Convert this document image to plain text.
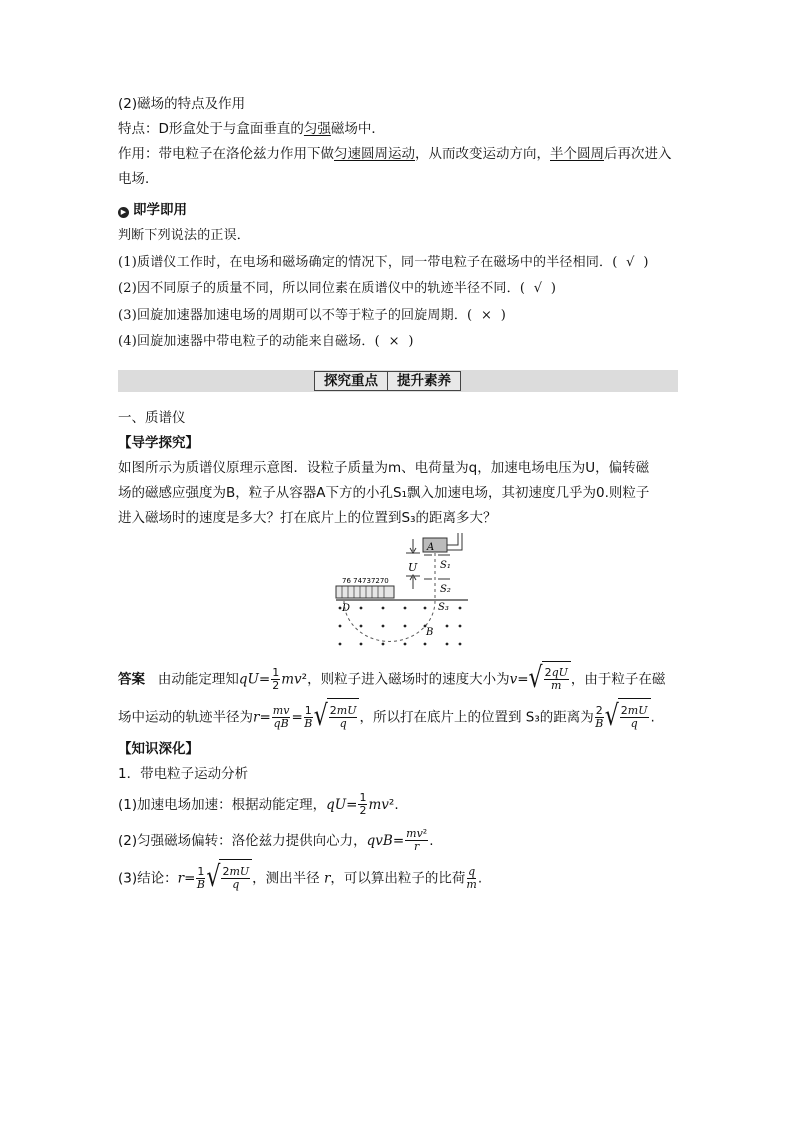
(2)磁场的特点及作用
特点：D形盒处于与盒面垂直的匀强磁场中．
作用：带电粒子在洛伦兹力作用下做匀速圆周运动，从而改变运动方向，半个圆周后再次进入电场．
▶ 即学即用
判断下列说法的正误．
(1)质谱仪工作时，在电场和磁场确定的情况下，同一带电粒子在磁场中的半径相同．( √ )
(2)因不同原子的质量不同，所以同位素在质谱仪中的轨迹半径不同．( √ )
(3)回旋加速器加速电场的周期可以不等于粒子的回旋周期．( × )
(4)回旋加速器中带电粒子的动能来自磁场．( × )
探究重点	提升素养
一、质谱仪
【导学探究】
如图所示为质谱仪原理示意图．设粒子质量为m、电荷量为q，加速电场电压为U，偏转磁
场的磁感应强度为B，粒子从容器A下方的小孔S₁飘入加速电场，其初速度几乎为0.则粒子
进入磁场时的速度是多大？打在底片上的位置到S₃的距离多大？
A
S₁
S₂
U
76 74737270
S₃
D
B
答案 由动能定理知$qU= \frac{1}{2} mv^2$，则粒子进入磁场时的速度大小为v= √ $\frac{2qU}{m}$ ，由于粒子在磁
场中运动的轨迹半径为$r= \frac{mv}{qB} = \frac{1}{B}$ √ $\frac{2mU}{q}$ ，所以打在底片上的位置到 S₃的距离为 $\frac{2}{B}$ √ $\frac{2mU}{q}$ .
【知识深化】
1．带电粒子运动分析
(1)加速电场加速：根据动能定理，$qU= \frac{1}{2} mv^2$.
(2)匀强磁场偏转：洛伦兹力提供向心力，$qvB= \frac{\text{mv²}}{r}$ .
(3)结论：$r= \frac{1}{B}$ √ $\frac{2mU}{q}$ ，测出半径 r，可以算出粒子的比荷 $\frac{q}{m}$ .
